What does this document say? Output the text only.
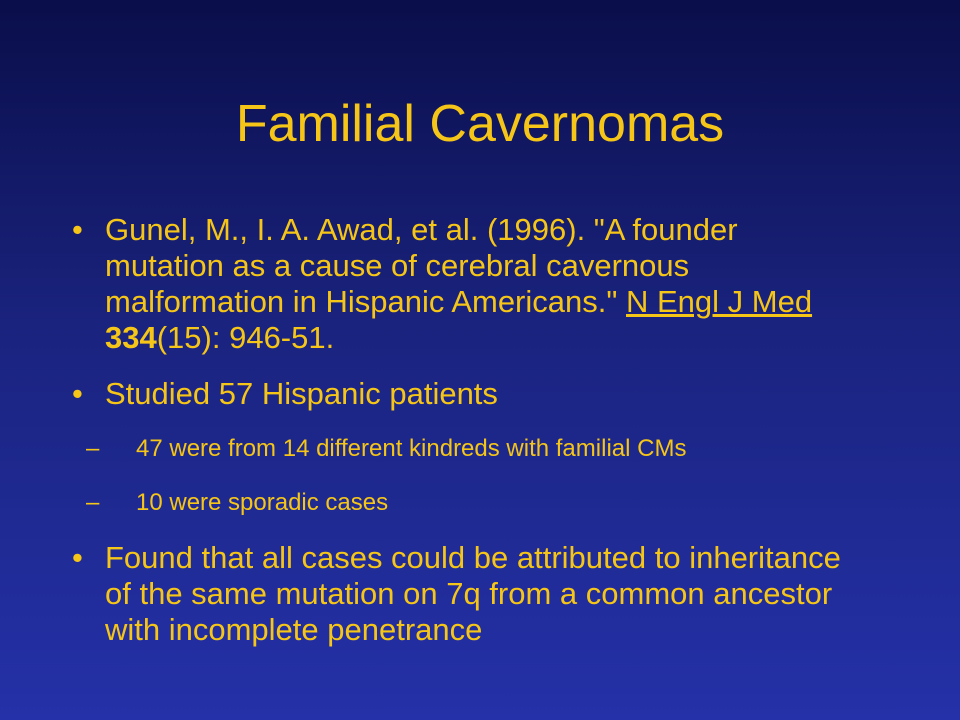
Familial Cavernomas
• Gunel, M., I. A. Awad, et al. (1996). "A founder mutation as a cause of cerebral cavernous malformation in Hispanic Americans." N Engl J Med 334(15): 946-51.
• Studied 57 Hispanic patients
– 47 were from 14 different kindreds with familial CMs
– 10 were sporadic cases
• Found that all cases could be attributed to inheritance of the same mutation on 7q from a common ancestor with incomplete penetrance
